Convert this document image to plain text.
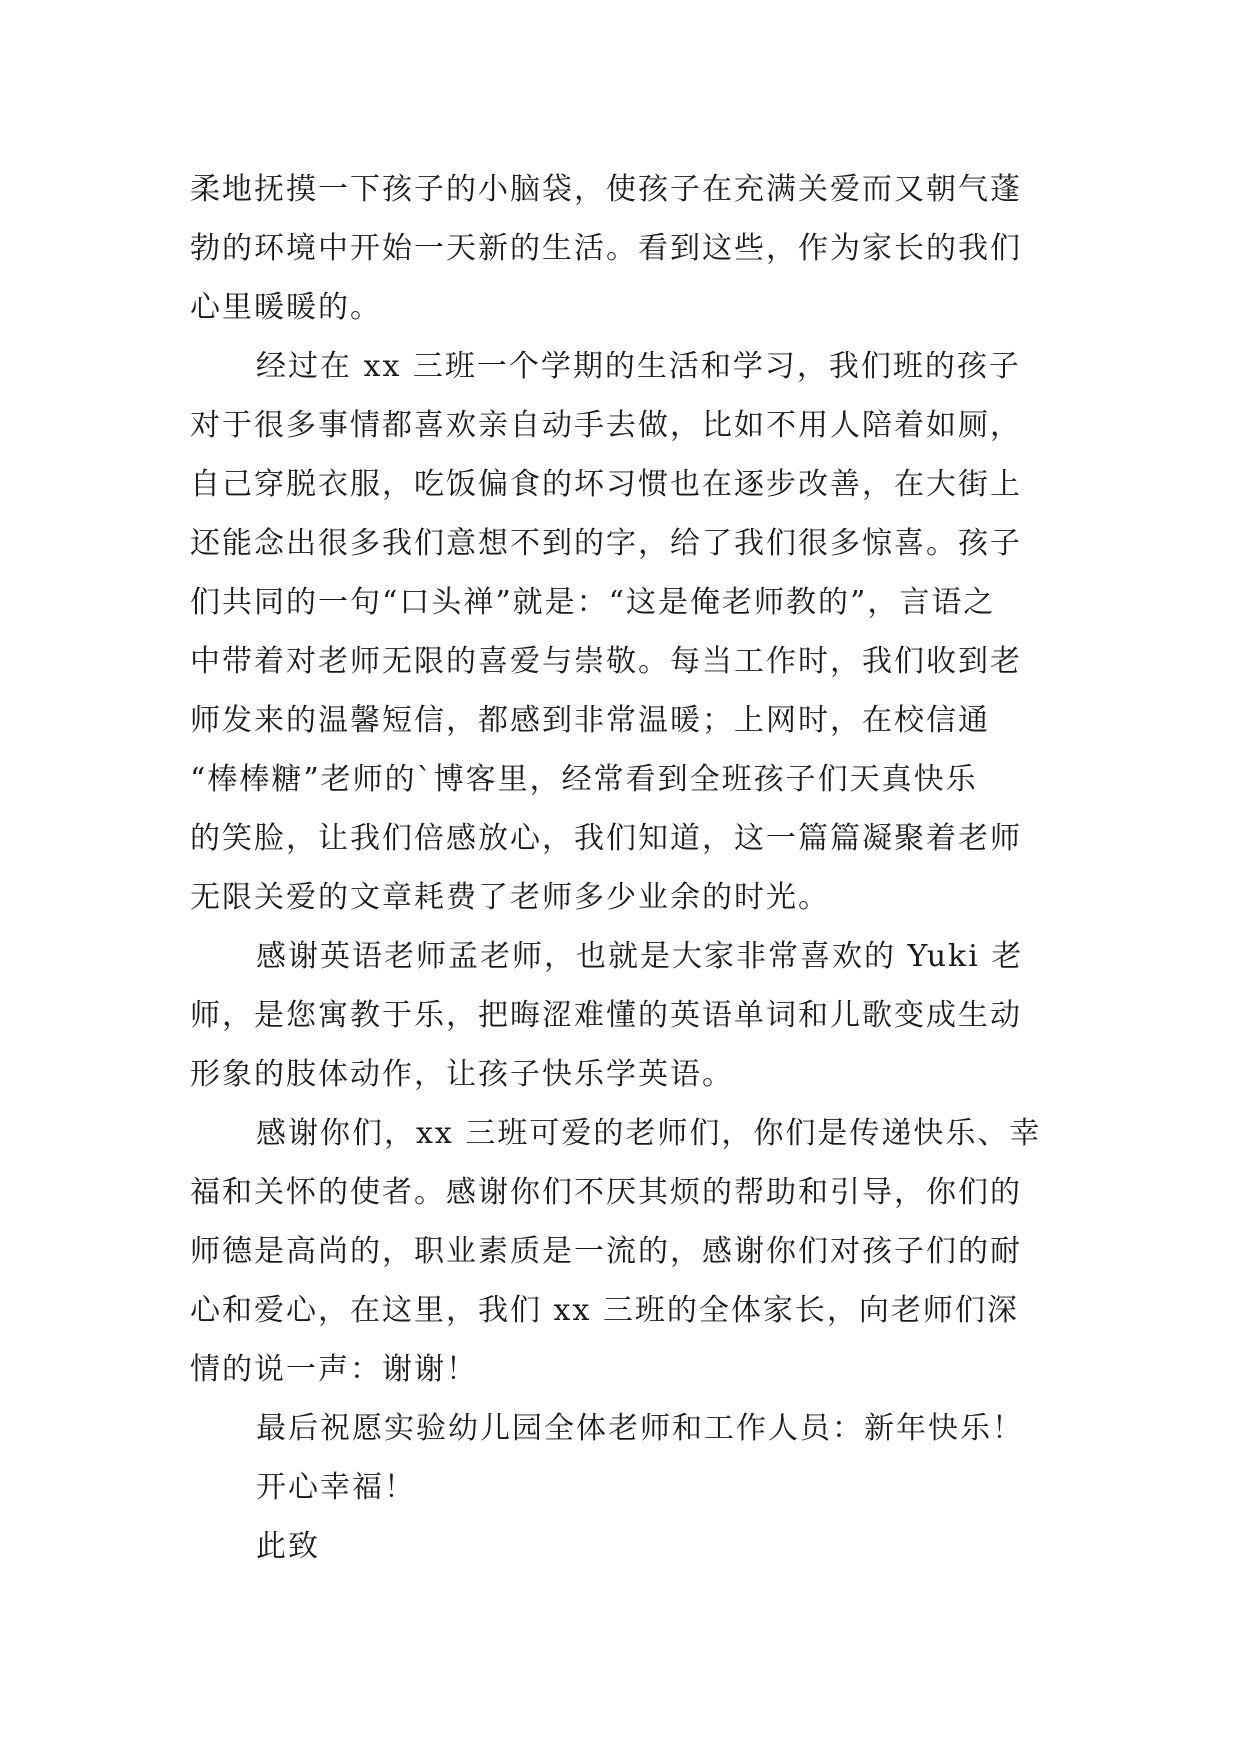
柔地抚摸一下孩子的小脑袋，使孩子在充满关爱而又朝气蓬
勃的环境中开始一天新的生活。看到这些，作为家长的我们
心里暖暖的。
经过在 xx 三班一个学期的生活和学习，我们班的孩子
对于很多事情都喜欢亲自动手去做，比如不用人陪着如厕，
自己穿脱衣服，吃饭偏食的坏习惯也在逐步改善，在大街上
还能念出很多我们意想不到的字，给了我们很多惊喜。孩子
们共同的一句“口头禅”就是：“这是俺老师教的”，言语之
中带着对老师无限的喜爱与崇敬。每当工作时，我们收到老
师发来的温馨短信，都感到非常温暖；上网时，在校信通
“棒棒糖”老师的`博客里，经常看到全班孩子们天真快乐
的笑脸，让我们倍感放心，我们知道，这一篇篇凝聚着老师
无限关爱的文章耗费了老师多少业余的时光。
感谢英语老师孟老师，也就是大家非常喜欢的 Yuki 老
师，是您寓教于乐，把晦涩难懂的英语单词和儿歌变成生动
形象的肢体动作，让孩子快乐学英语。
感谢你们，xx 三班可爱的老师们，你们是传递快乐、幸
福和关怀的使者。感谢你们不厌其烦的帮助和引导，你们的
师德是高尚的，职业素质是一流的，感谢你们对孩子们的耐
心和爱心，在这里，我们 xx 三班的全体家长，向老师们深
情的说一声：谢谢！
最后祝愿实验幼儿园全体老师和工作人员：新年快乐！
开心幸福！
此致
